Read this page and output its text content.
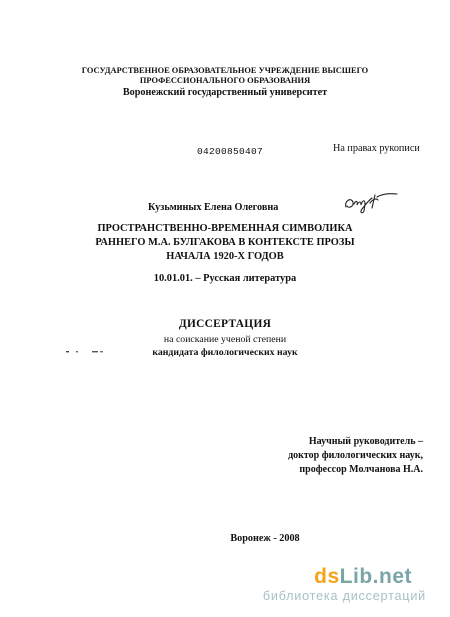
ГОСУДАРСТВЕННОЕ ОБРАЗОВАТЕЛЬНОЕ УЧРЕЖДЕНИЕ ВЫСШЕГО
ПРОФЕССИОНАЛЬНОГО ОБРАЗОВАНИЯ
Воронежский государственный университет
04200850407	На правах рукописи
Кузьминых Елена Олеговна
ПРОСТРАНСТВЕННО-ВРЕМЕННАЯ СИМВОЛИКА
РАННЕГО М.А. БУЛГАКОВА В КОНТЕКСТЕ ПРОЗЫ
НАЧАЛА 1920-Х ГОДОВ
10.01.01. – Русская литература
ДИССЕРТАЦИЯ
на соискание ученой степени
кандидата филологических наук
Научный руководитель –
доктор филологических наук,
профессор Молчанова Н.А.
Воронеж - 2008
dsLib.net
библиотека диссертаций
